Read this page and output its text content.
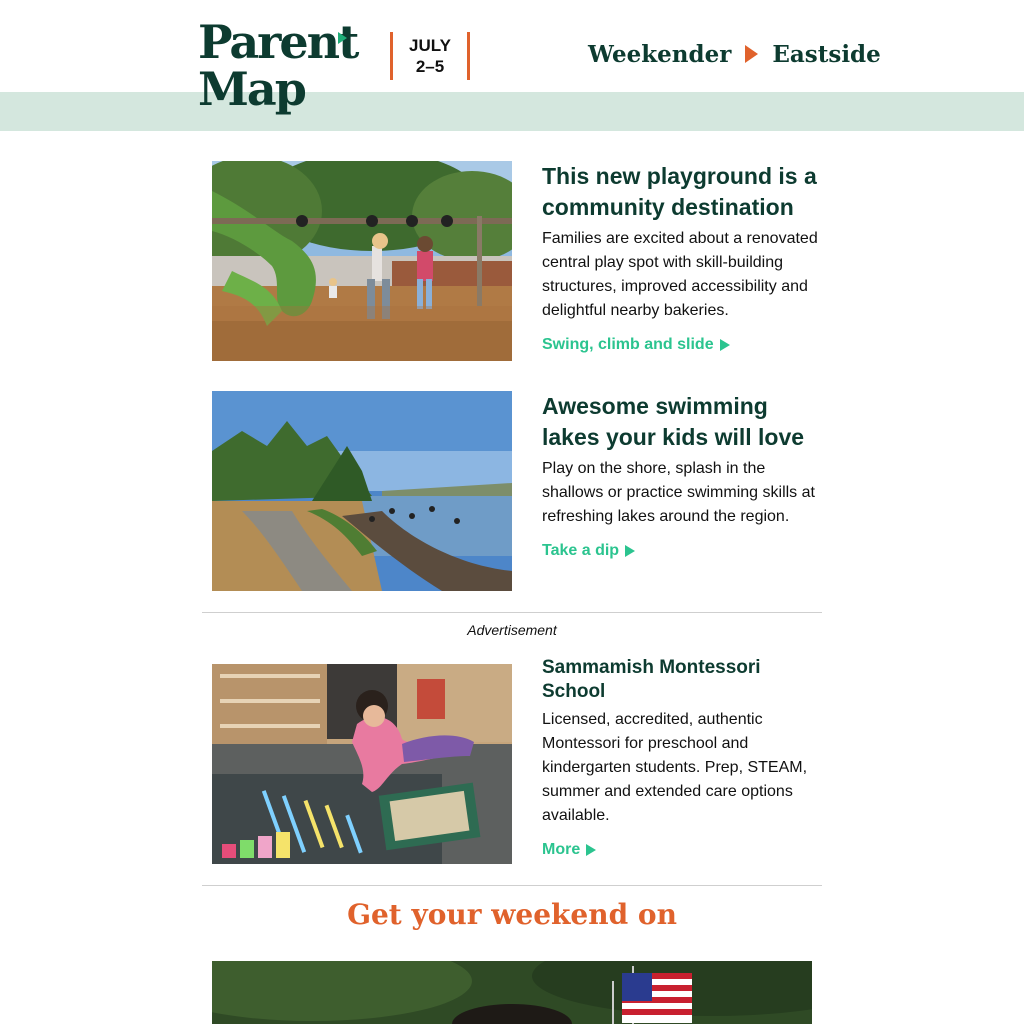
Parent
Map
JULY
2–5	Weekender Eastside
This new playground is a community destination

Families are excited about a renovated central play spot with skill-building structures, improved accessibility and delightful nearby bakeries.

Swing, climb and slide
Awesome swimming lakes your kids will love

Play on the shore, splash in the shallows or practice swimming skills at refreshing lakes around the region.

Take a dip
Advertisement
Sammamish Montessori School

Licensed, accredited, authentic Montessori for preschool and kindergarten students. Prep, STEAM, summer and extended care options available.

More
Get your weekend on
